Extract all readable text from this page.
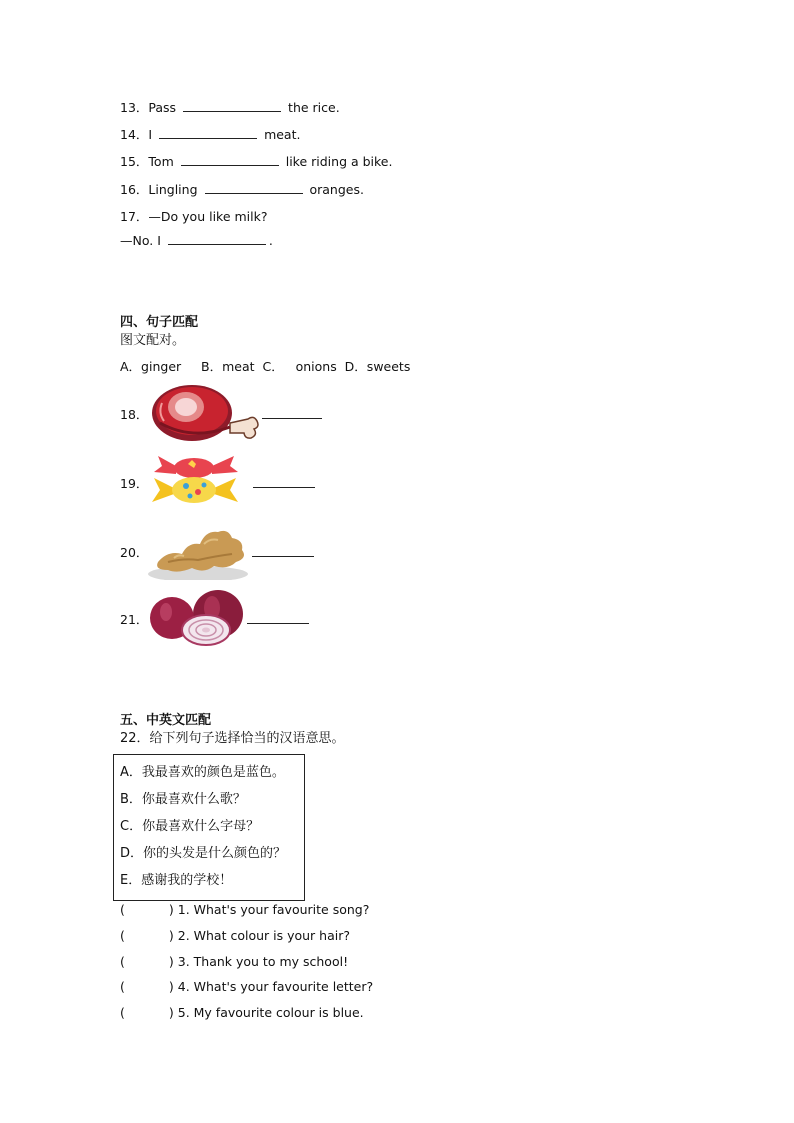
13．Pass	the rice.
14．I	meat.
15．Tom	like riding a bike.
16．Lingling	oranges.
17．—Do you like milk?
—No. I	.
四、句子匹配
图文配对。
A．ginger     B．meat  C．   onions  D．sweets
18．
19．
20．
21．
五、中英文匹配
22．给下列句子选择恰当的汉语意思。
A．我最喜欢的颜色是蓝色。
B．你最喜欢什么歌？
C．你最喜欢什么字母？
D．你的头发是什么颜色的？
E．感谢我的学校！
(	) 1. What's your favourite song?
(	) 2. What colour is your hair?
(	) 3. Thank you to my school!
(	) 4. What's your favourite letter?
(	) 5. My favourite colour is blue.
